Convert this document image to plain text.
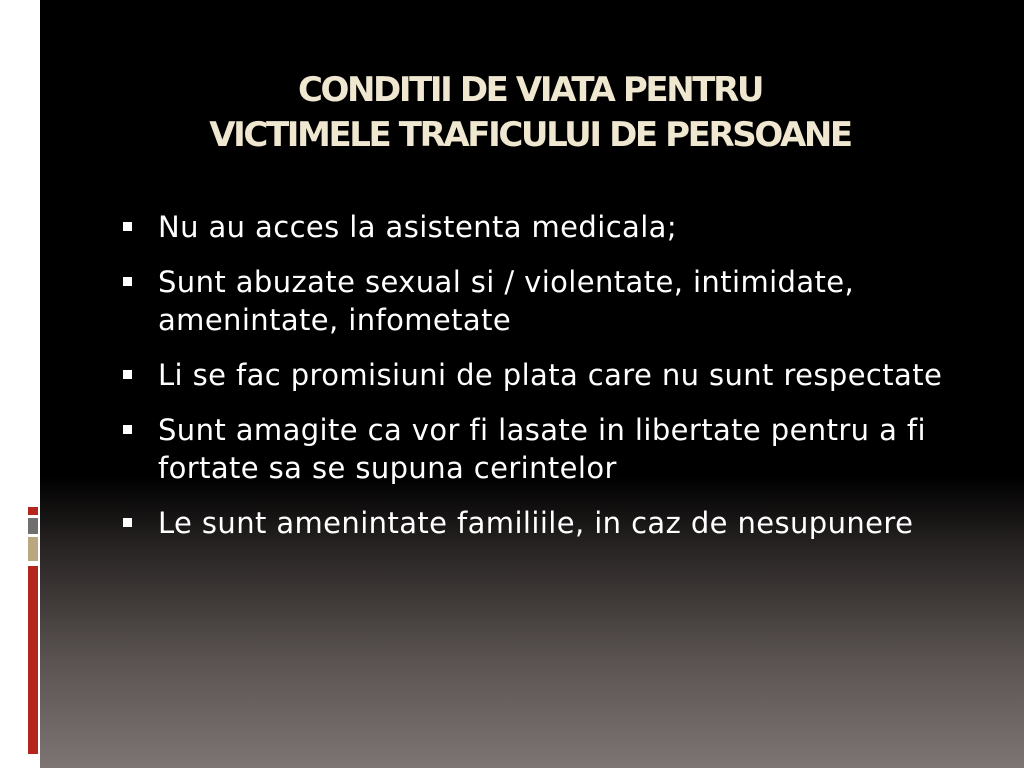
CONDITII DE VIATA PENTRU
VICTIMELE TRAFICULUI DE PERSOANE
Nu au acces la asistenta medicala;
Sunt abuzate sexual si / violentate, intimidate, amenintate, infometate
Li se fac promisiuni de plata care nu sunt respectate
Sunt amagite ca vor fi lasate in libertate pentru a fi fortate sa se supuna cerintelor
Le sunt amenintate familiile, in caz de nesupunere
